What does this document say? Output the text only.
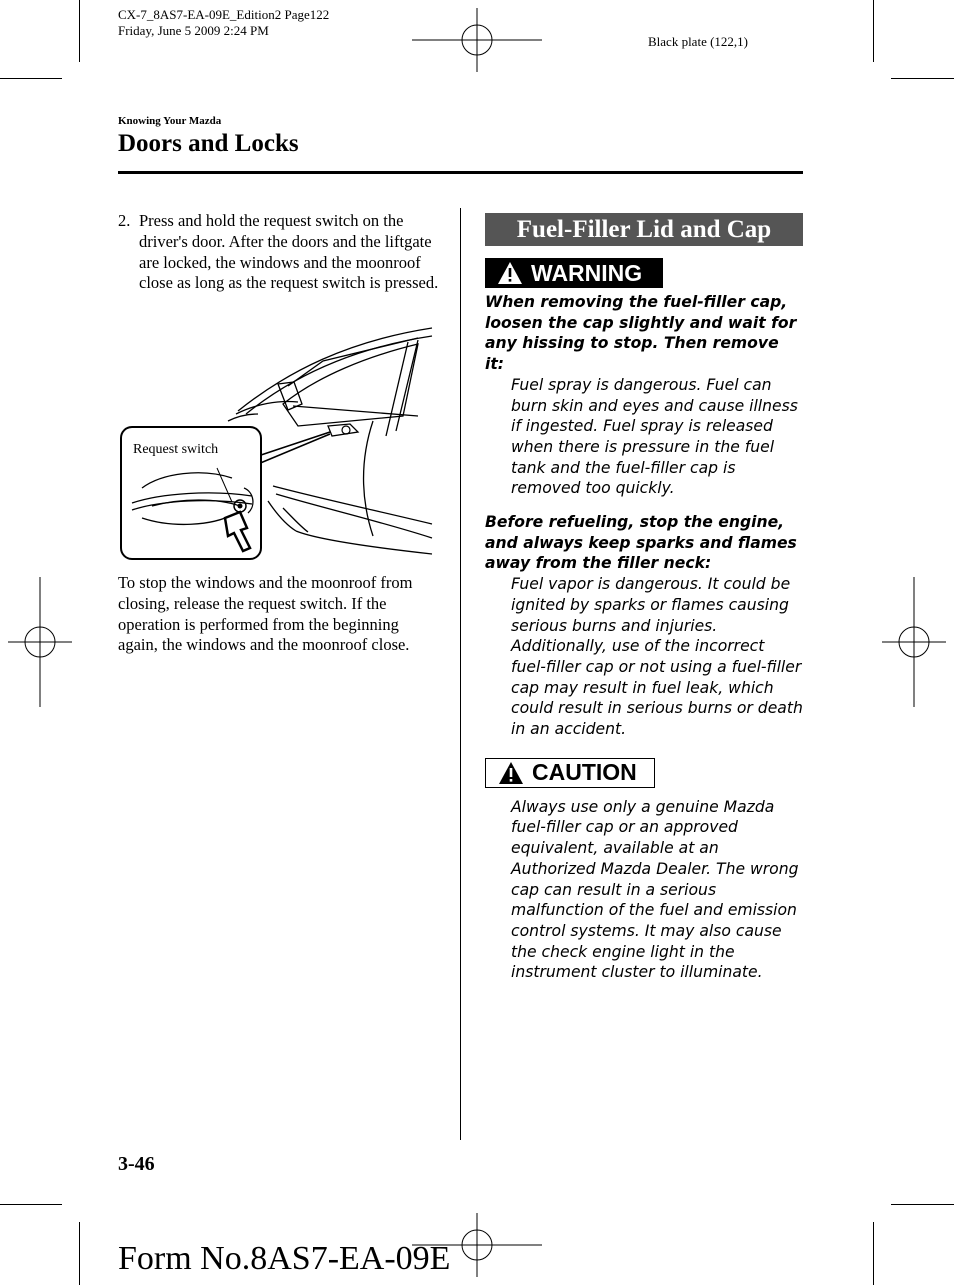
CX-7_8AS7-EA-09E_Edition2 Page122
Friday, June 5 2009 2:24 PM
Black plate (122,1)
Knowing Your Mazda
Doors and Locks
2. Press and hold the request switch on the driver's door. After the doors and the liftgate are locked, the windows and the moonroof close as long as the request switch is pressed.
Request switch
To stop the windows and the moonroof from closing, release the request switch. If the operation is performed from the beginning again, the windows and the moonroof close.
Fuel-Filler Lid and Cap
WARNING
When removing the fuel-filler cap, loosen the cap slightly and wait for any hissing to stop. Then remove it:
Fuel spray is dangerous. Fuel can burn skin and eyes and cause illness if ingested. Fuel spray is released when there is pressure in the fuel tank and the fuel-filler cap is removed too quickly.
Before refueling, stop the engine, and always keep sparks and flames away from the filler neck:
Fuel vapor is dangerous. It could be ignited by sparks or flames causing serious burns and injuries. Additionally, use of the incorrect fuel-filler cap or not using a fuel-filler cap may result in fuel leak, which could result in serious burns or death in an accident.
CAUTION
Always use only a genuine Mazda fuel-filler cap or an approved equivalent, available at an Authorized Mazda Dealer. The wrong cap can result in a serious malfunction of the fuel and emission control systems. It may also cause the check engine light in the instrument cluster to illuminate.
3-46
Form No.8AS7-EA-09E
